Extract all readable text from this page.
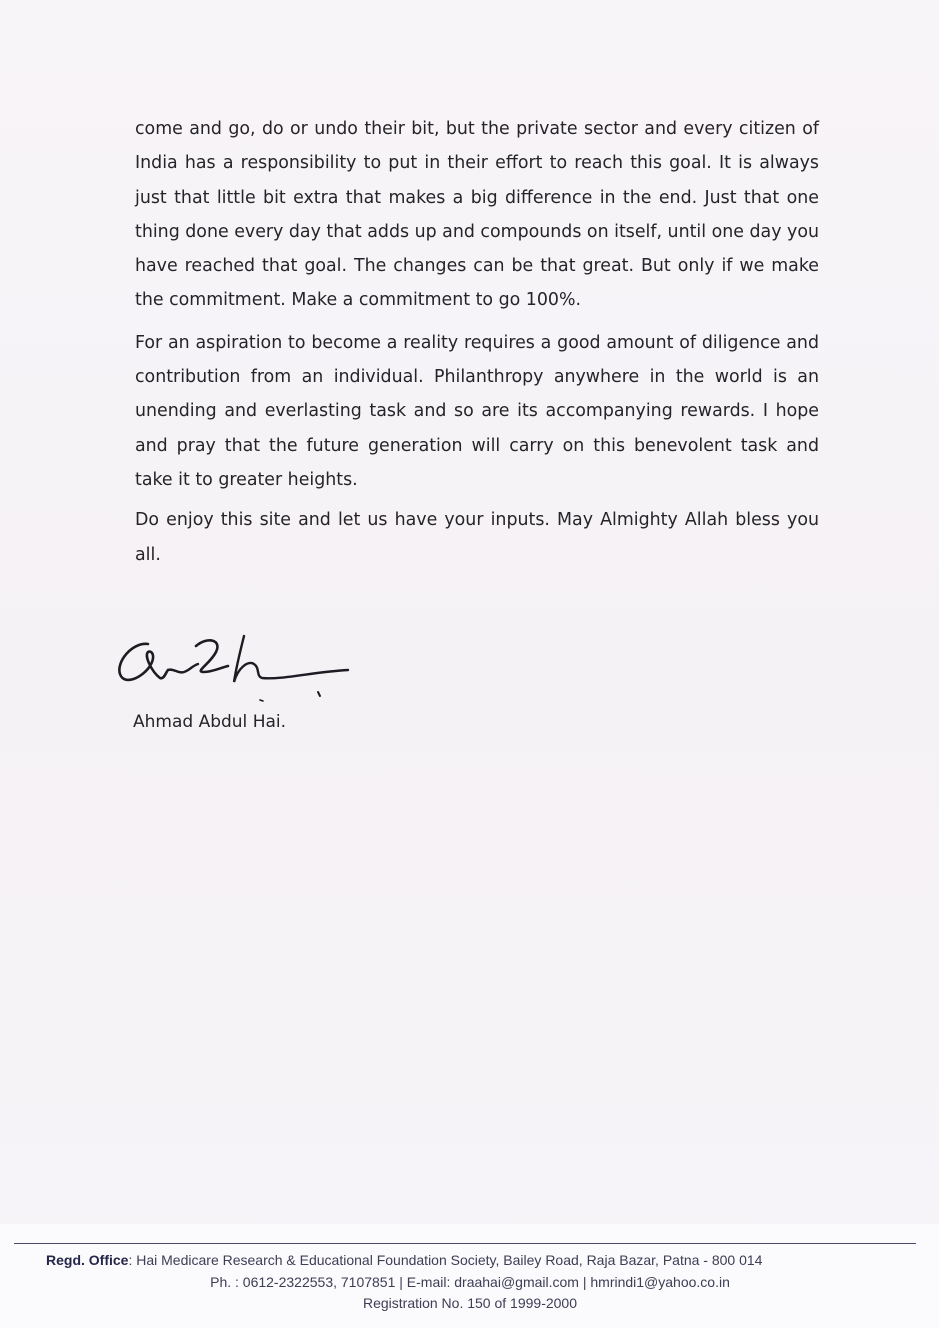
come and go, do or undo their bit, but the private sector and every citizen of India has a responsibility to put in their effort to reach this goal. It is always just that little bit extra that makes a big difference in the end. Just that one thing done every day that adds up and compounds on itself, until one day you have reached that goal. The changes can be that great. But only if we make the commitment. Make a commitment to go 100%.

For an aspiration to become a reality requires a good amount of diligence and contribution from an individual. Philanthropy anywhere in the world is an unending and everlasting task and so are its accompanying rewards. I hope and pray that the future generation will carry on this benevolent task and take it to greater heights.

Do enjoy this site and let us have your inputs. May Almighty Allah bless you all.

Ahmad Abdul Hai.
Regd. Office: Hai Medicare Research & Educational Foundation Society, Bailey Road, Raja Bazar, Patna - 800 014
Ph. : 0612-2322553, 7107851 | E-mail: draahai@gmail.com | hmrindi1@yahoo.co.in
Registration No. 150 of 1999-2000
